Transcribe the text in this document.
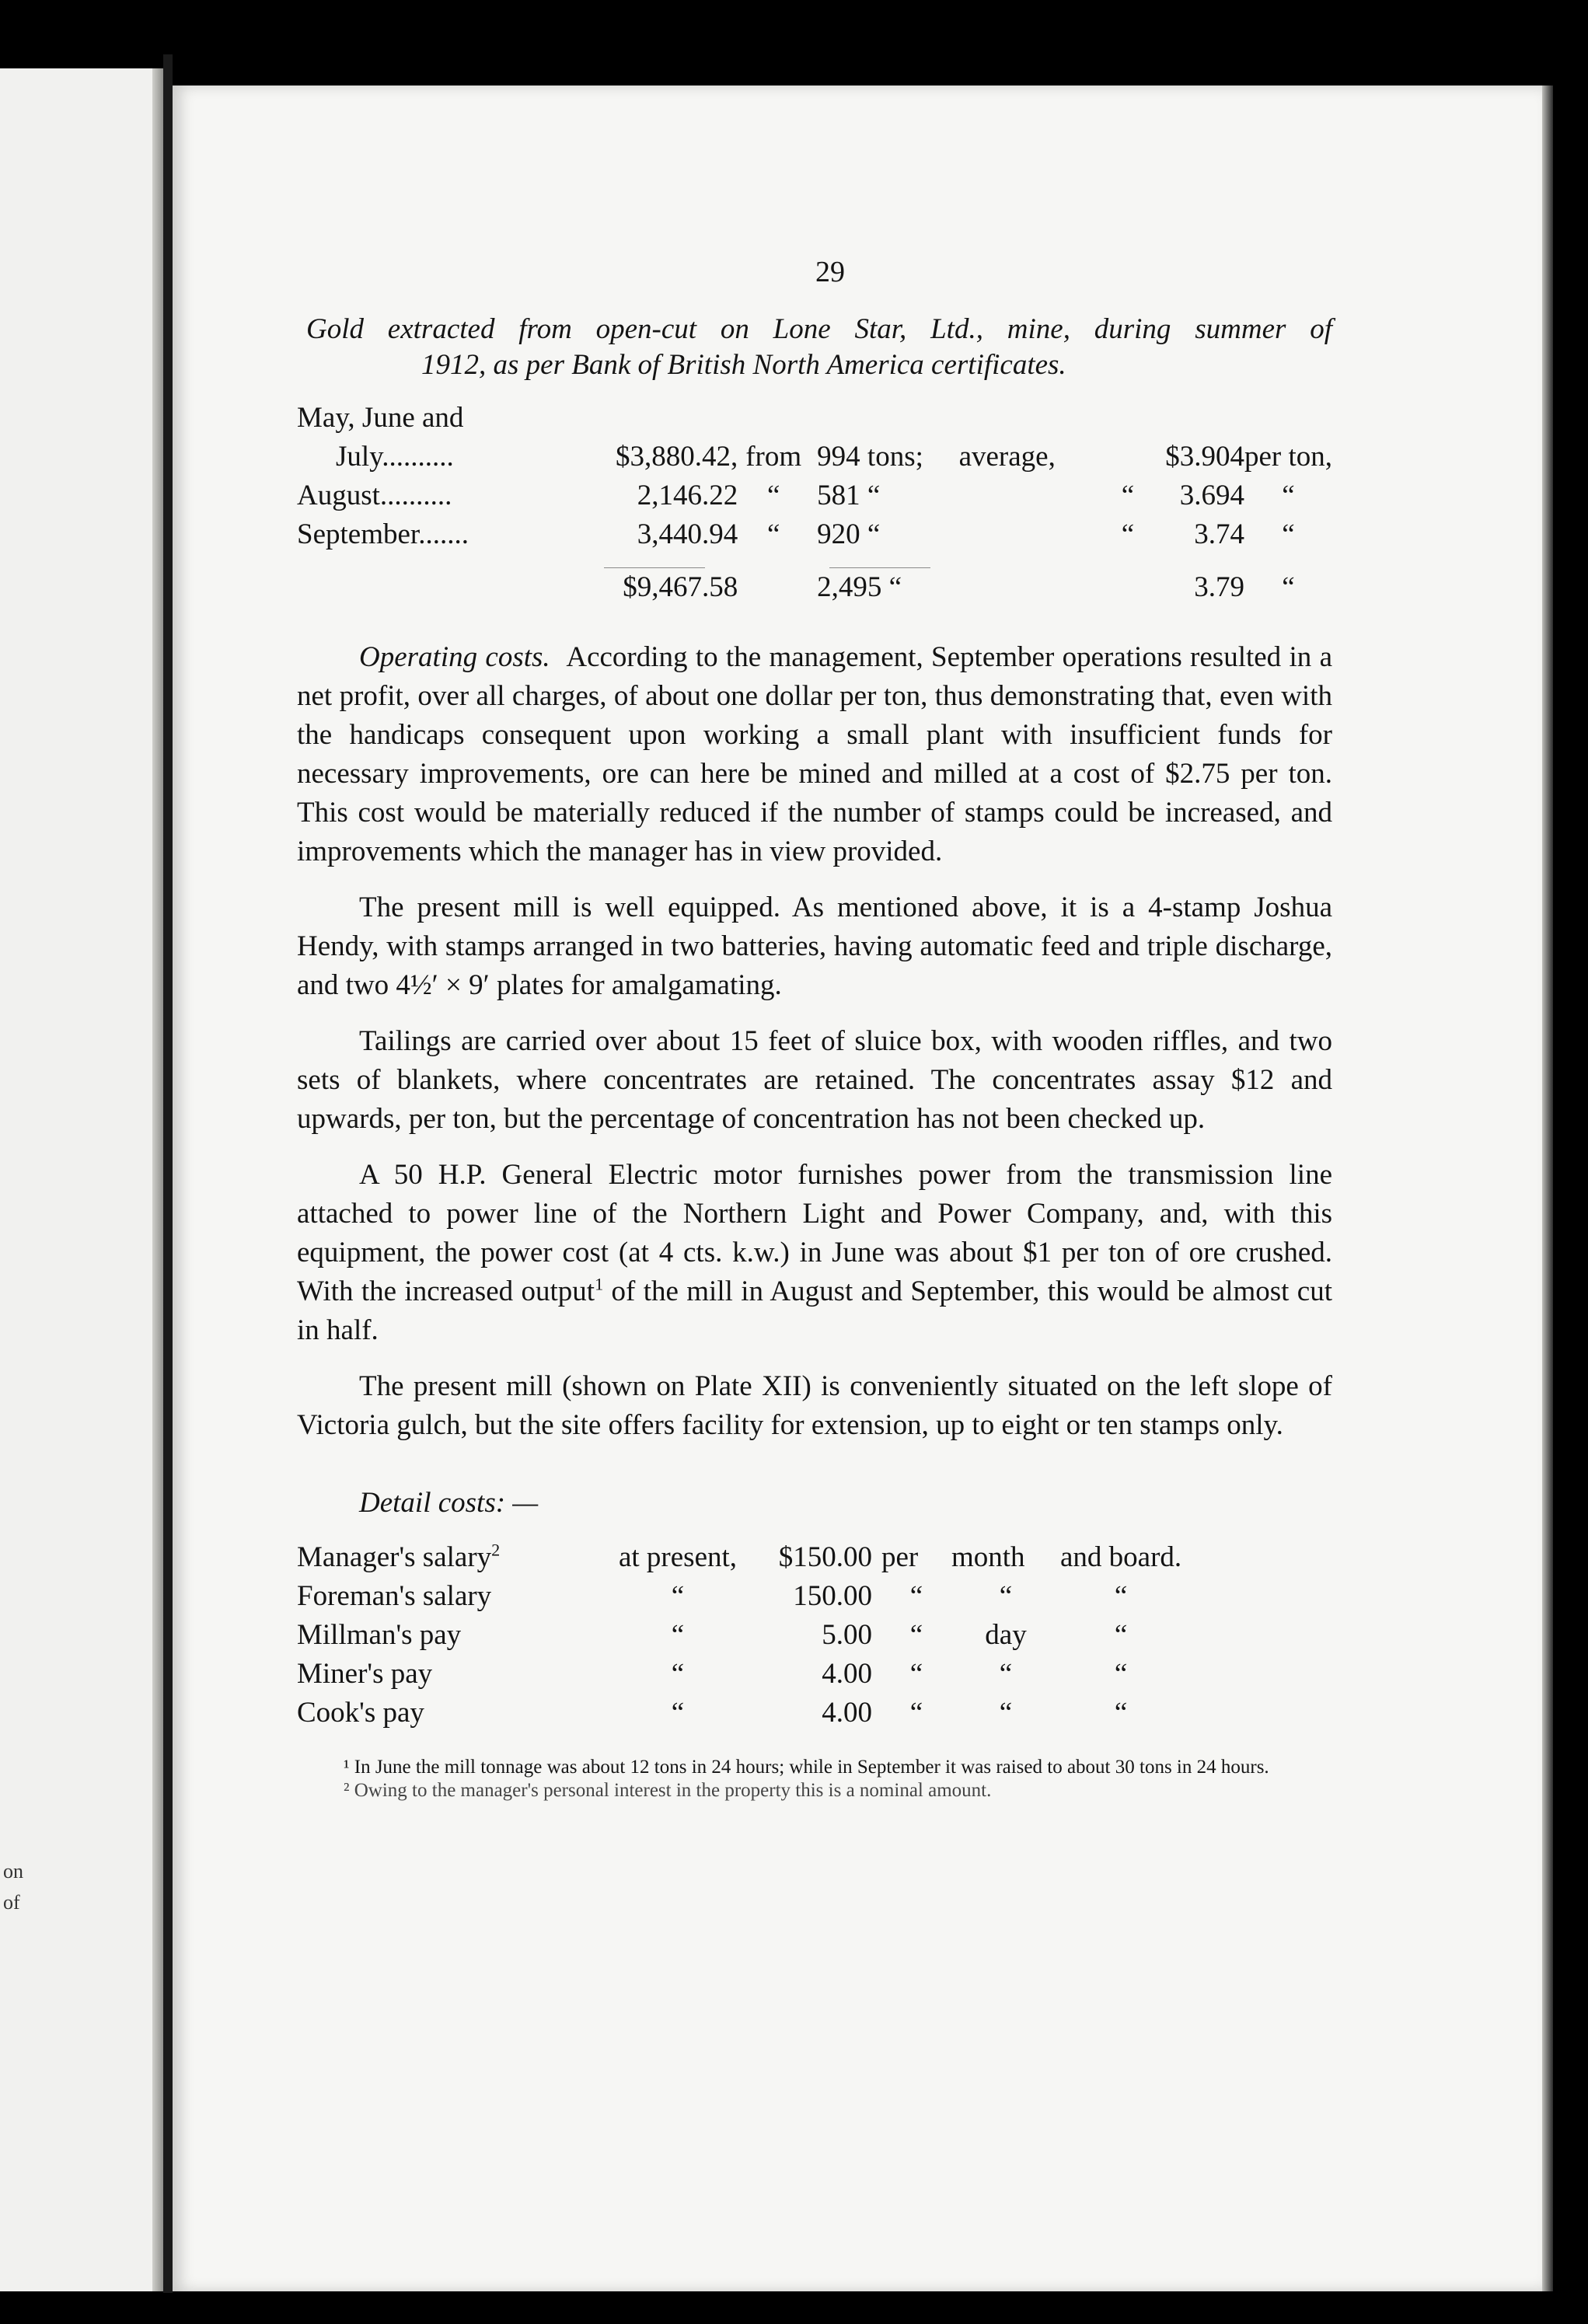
on
of
29
Gold extracted from open-cut on Lone Star, Ltd., mine, during summer of
1912, as per Bank of British North America certificates.
May, June and						
July..........	$3,880.42,	from	994 tons;	average,	$3.904	per ton,
August..........	2,146.22	“	581 “	“	3.694	“
September.......	3,440.94	“	920 “	“	3.74	“

	$9,467.58		2,495 “		3.79	“

Operating costs. According to the management, September operations resulted in a net profit, over all charges, of about one dollar per ton, thus demonstrating that, even with the handicaps consequent upon working a small plant with insufficient funds for necessary improvements, ore can here be mined and milled at a cost of $2.75 per ton. This cost would be materially reduced if the number of stamps could be increased, and improvements which the manager has in view provided.

The present mill is well equipped. As mentioned above, it is a 4-stamp Joshua Hendy, with stamps arranged in two batteries, having automatic feed and triple discharge, and two 4½′ × 9′ plates for amalgamating.

Tailings are carried over about 15 feet of sluice box, with wooden riffles, and two sets of blankets, where concentrates are retained. The concentrates assay $12 and upwards, per ton, but the percentage of concentration has not been checked up.

A 50 H.P. General Electric motor furnishes power from the transmission line attached to power line of the Northern Light and Power Company, and, with this equipment, the power cost (at 4 cts. k.w.) in June was about $1 per ton of ore crushed. With the increased output$^1$ of the mill in August and September, this would be almost cut in half.

The present mill (shown on Plate XII) is conveniently situated on the left slope of Victoria gulch, but the site offers facility for extension, up to eight or ten stamps only.

Detail costs: —
Manager's salary$^2$	at present,	$150.00	per	month	and board.
Foreman's salary	“	150.00	“	“	“
Millman's pay	“	5.00	“	day	“
Miner's pay	“	4.00	“	“	“
Cook's pay	“	4.00	“	“	“

¹ In June the mill tonnage was about 12 tons in 24 hours; while in September it was raised to about 30 tons in 24 hours.

² Owing to the manager's personal interest in the property this is a nominal amount.
